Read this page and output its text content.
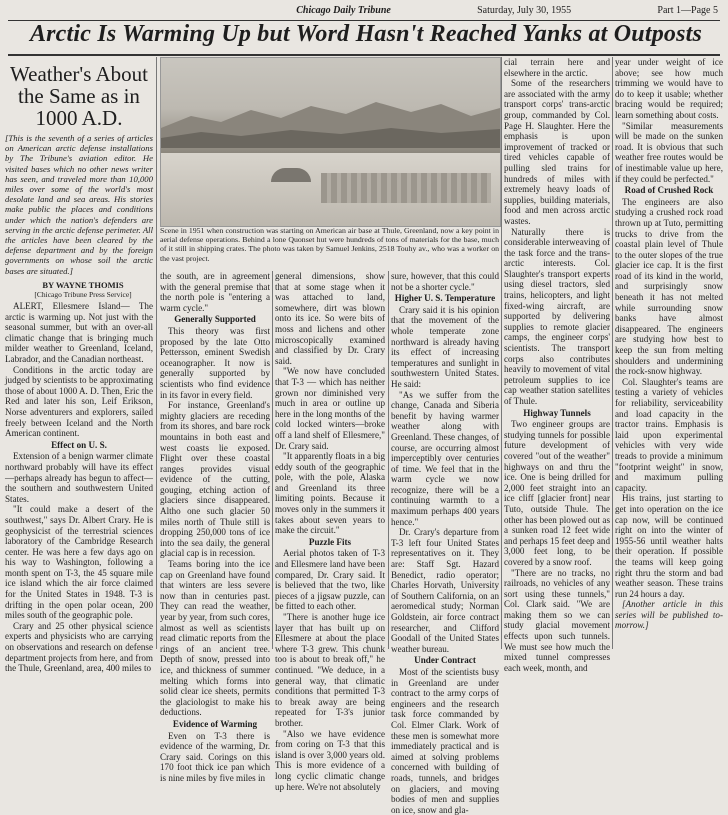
Chicago Daily Tribune	Saturday, July 30, 1955	Part 1—Page 5
Arctic Is Warming Up but Word Hasn't Reached Yanks at Outposts

Weather's About the Same as in 1000 A.D.

[This is the seventh of a series of articles on American arctic defense installations by The Tribune's aviation editor. He visited bases which no other news writer has seen, and traveled more than 10,000 miles over some of the world's most desolate land and sea areas. His stories make public the places and conditions under which the nation's defenders are serving in the arctic defense perimeter. All the articles have been cleared by the defense department and by the foreign governments on whose soil the arctic bases are situated.]

BY WAYNE THOMIS

[Chicago Tribune Press Service]

ALERT, Ellesmere Island— The arctic is warming up. Not just with the seasonal summer, but with an over-all climatic change that is bringing much milder weather to Greenland, Iceland, Labrador, and the Canadian northeast.

Conditions in the arctic today are judged by scientists to be approximating those of about 1000 A. D. Then, Eric the Red and later his son, Leif Erikson, Norse adventurers and explorers, sailed freely between Iceland and the North American continent.

Effect on U. S.

Extension of a benign warmer climate northward probably will have its effect—perhaps already has begun to affect—the southern and southwestern United States.

"It could make a desert of the southwest," says Dr. Albert Crary. He is geophysicist of the terrestrial sciences laboratory of the Cambridge Research center. He was here a few days ago on his way to Washington, following a month spent on T-3, the 45 square mile ice island which the air force claimed for the United States in 1948. T-3 is drifting in the open polar ocean, 200 miles south of the geographic pole.

Crary and 25 other physical science experts and physicists who are carrying on observations and research on defense department projects from here, and from the Thule, Greenland, area, 400 miles to

Scene in 1951 when construction was starting on American air base at Thule, Greenland, now a key point in aerial defense operations. Behind a lone Quonset hut were hundreds of tons of materials for the base, much of it still in shipping crates. The photo was taken by Samuel Jenkins, 2518 Touhy av., who was a worker on the vast project.

the south, are in agreement with the general premise that the north pole is "entering a warm cycle."

Generally Supported

This theory was first proposed by the late Otto Pettersson, eminent Swedish oceanographer. It now is generally supported by scientists who find evidence in its favor in every field.

For instance, Greenland's mighty glaciers are receding from its shores, and bare rock mountains in both east and west coasts lie exposed. Flight over these coastal ranges provides visual evidence of the cutting, gouging, etching action of glaciers since disappeared. Altho one such glacier 50 miles north of Thule still is dropping 250,000 tons of ice into the sea daily, the general glacial cap is in recession.

Teams boring into the ice cap on Greenland have found that winters are less severe now than in centuries past. They can read the weather, year by year, from such cores, almost as well as scientists read climatic reports from the rings of an ancient tree. Depth of snow, pressed into ice, and thickness of summer melting which forms into solid clear ice sheets, permits the glaciologist to make his deductions.

Evidence of Warming

Even on T-3 there is evidence of the warming, Dr. Crary said. Corings on this 170 foot thick ice pan which is nine miles by five miles in

general dimensions, show that at some stage when it was attached to land, somewhere, dirt was blown onto its ice. So were bits of moss and lichens and other microscopically examined and classified by Dr. Crary said.

"We now have concluded that T-3 — which has neither grown nor diminished very much in area or outline up here in the long months of the cold locked winters—broke off a land shelf of Ellesmere," Dr. Crary said.

"It apparently floats in a big eddy south of the geographic pole, with the pole, Alaska and Greenland its three limiting points. Because it moves only in the summers it takes about seven years to make the circuit."

Puzzle Fits

Aerial photos taken of T-3 and Ellesmere land have been compared, Dr. Crary said. It is believed that the two, like pieces of a jigsaw puzzle, can be fitted to each other.

"There is another huge ice layer that has built up on Ellesmere at about the place where T-3 grew. This chunk too is about to break off," he continued. "We deduce, in a general way, that climatic conditions that permitted T-3 to break away are being repeated for T-3's junior brother.

"Also we have evidence from coring on T-3 that this island is over 3,000 years old. This is more evidence of a long cyclic climatic change up here. We're not absolutely

sure, however, that this could not be a shorter cycle."

Higher U. S. Temperature

Crary said it is his opinion that the movement of the whole temperate zone northward is already having its effect of increasing temperatures and sunlight in southwestern United States. He said:

"As we suffer from the change, Canada and Siberia benefit by having warmer weather along with Greenland. These changes, of course, are occurring almost imperceptibly over centuries of time. We feel that in the warm cycle we now recognize, there will be a continuing warmth to a maximum perhaps 400 years hence."

Dr. Crary's departure from T-3 left four United States representatives on it. They are: Staff Sgt. Hazard Benedict, radio operator; Charles Horvath, University of Southern California, on an aeromedical study; Norman Goldstein, air force contract researcher, and Clifford Goodall of the United States weather bureau.

Under Contract

Most of the scientists busy in Greenland are under contract to the army corps of engineers and the research task force commanded by Col. Elmer Clark. Work of these men is somewhat more immediately practical and is aimed at solving problems concerned with building of roads, tunnels, and bridges on glaciers, and moving bodies of men and supplies on ice, snow and gla-

cial terrain here and elsewhere in the arctic.

Some of the researchers are associated with the army transport corps' trans-arctic group, commanded by Col. Page H. Slaughter. Here the emphasis is upon improvement of tracked or tired vehicles capable of pulling sled trains for hundreds of miles with extremely heavy loads of supplies, building materials, food and men across arctic wastes.

Naturally there is considerable interweaving of the task force and the trans-arctic interests. Col. Slaughter's transport experts using diesel tractors, sled trains, helicopters, and light fixed-wing aircraft, are supported by delivering supplies to remote glacier camps, the engineer corps' scientists. The transport corps also contributes heavily to movement of vital petroleum supplies to ice cap weather station satellites of Thule.

Highway Tunnels

Two engineer groups are studying tunnels for possible future development of covered "out of the weather" highways on and thru the ice. One is being drilled for 2,000 feet straight into an ice cliff [glacier front] near Tuto, outside Thule. The other has been plowed out as a sunken road 12 feet wide and perhaps 15 feet deep and 3,000 feet long, to be covered by a snow roof.

"There are no tracks, no railroads, no vehicles of any sort using these tunnels," Col. Clark said. "We are making them so we can study glacial movement effects upon such tunnels. We must see how much the mixed tunnel compresses each week, month, and

year under weight of ice above; see how much trimming we would have to do to keep it usable; whether bracing would be required; learn something about costs.

"Similar measurements will be made on the sunken road. It is obvious that such weather free routes would be of inestimable value up here, if they could be perfected."

Road of Crushed Rock

The engineers are also studying a crushed rock road thrown up at Tuto, permitting trucks to drive from the coastal plain level of Thule to the outer slopes of the true glacier ice cap. It is the first road of its kind in the world, and surprisingly snow beneath it has not melted while surrounding snow banks have almost disappeared. The engineers are studying how best to keep the sun from melting shoulders and undermining the rock-snow highway.

Col. Slaughter's teams are testing a variety of vehicles for reliability, serviceability and load capacity in the tractor trains. Emphasis is laid upon experimental vehicles with very wide treads to provide a minimum "footprint weight" in snow, and maximum pulling capacity.

His trains, just starting to get into operation on the ice cap now, will be continued right on into the winter of 1955-56 until weather halts their operation. If possible the teams will keep going right thru the storm and bad weather season. These trains run 24 hours a day.

[Another article in this series will be published to-morrow.]
